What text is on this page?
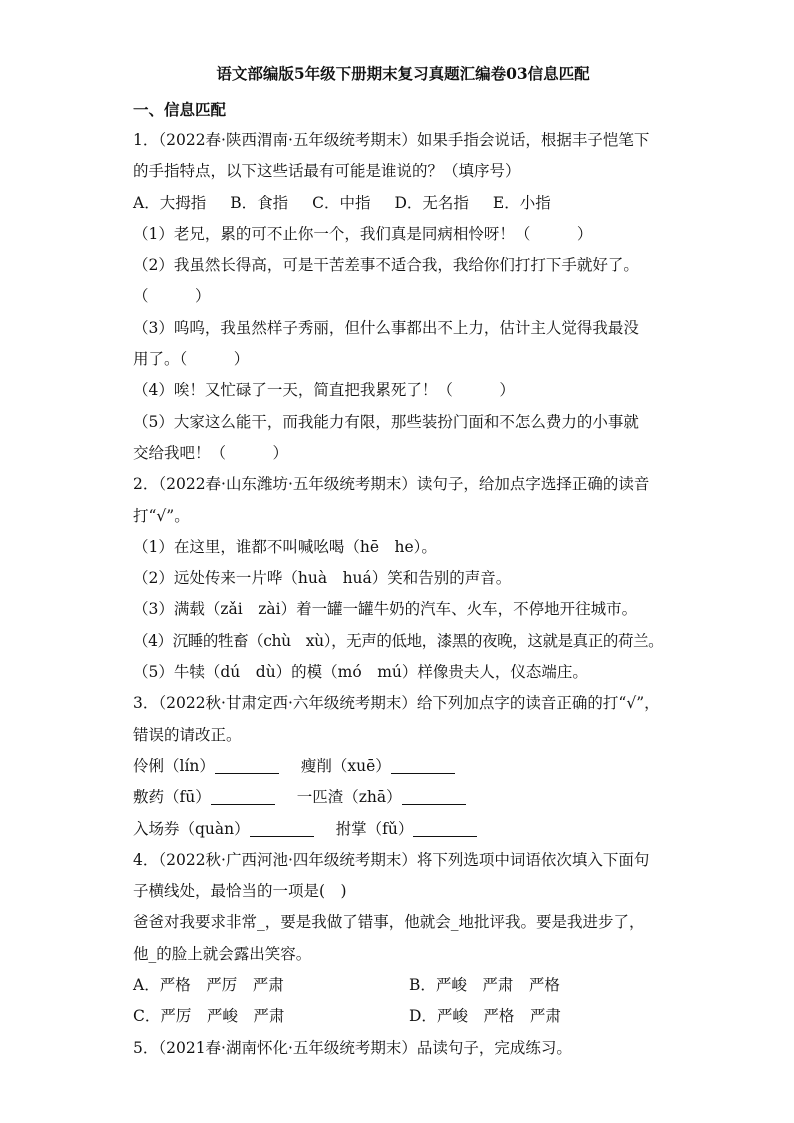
语文部编版5年级下册期末复习真题汇编卷03信息匹配
一、信息匹配
1．（2022春·陕西渭南·五年级统考期末）如果手指会说话，根据丰子恺笔下
的手指特点，以下这些话最有可能是谁说的？（填序号）
A．大拇指 B．食指 C．中指 D．无名指 E．小指
（1）老兄，累的可不止你一个，我们真是同病相怜呀！（　　　）
（2）我虽然长得高，可是干苦差事不适合我，我给你们打打下手就好了。
（　　　）
（3）呜呜，我虽然样子秀丽，但什么事都出不上力，估计主人觉得我最没
用了。（　　　）
（4）唉！又忙碌了一天，简直把我累死了！（　　　）
（5）大家这么能干，而我能力有限，那些装扮门面和不怎么费力的小事就
交给我吧！（　　　）
2．（2022春·山东潍坊·五年级统考期末）读句子，给加点字选择正确的读音
打“√”。
（1）在这里，谁都不叫喊吆喝（hē　he）。
（2）远处传来一片哗（huà　huá）笑和告别的声音。
（3）满载（zǎi　zài）着一罐一罐牛奶的汽车、火车，不停地开往城市。
（4）沉睡的牲畜（chù　xù），无声的低地，漆黑的夜晚，这就是真正的荷兰。
（5）牛犊（dú　dù）的模（mó　mú）样像贵夫人，仪态端庄。
3．（2022秋·甘肃定西·六年级统考期末）给下列加点字的读音正确的打“√”，
错误的请改正。
伶俐（lín）	瘦削（xuē）
敷药（fū）	一匹渣（zhā）
入场券（quàn）	拊掌（fǔ）
4．（2022秋·广西河池·四年级统考期末）将下列选项中词语依次填入下面句
子横线处，最恰当的一项是(　)
爸爸对我要求非常_，要是我做了错事，他就会_地批评我。要是我进步了，
他_的脸上就会露出笑容。
A．严格　严厉　严肃	B．严峻　严肃　严格
C．严厉　严峻　严肃	D．严峻　严格　严肃
5．（2021春·湖南怀化·五年级统考期末）品读句子，完成练习。
